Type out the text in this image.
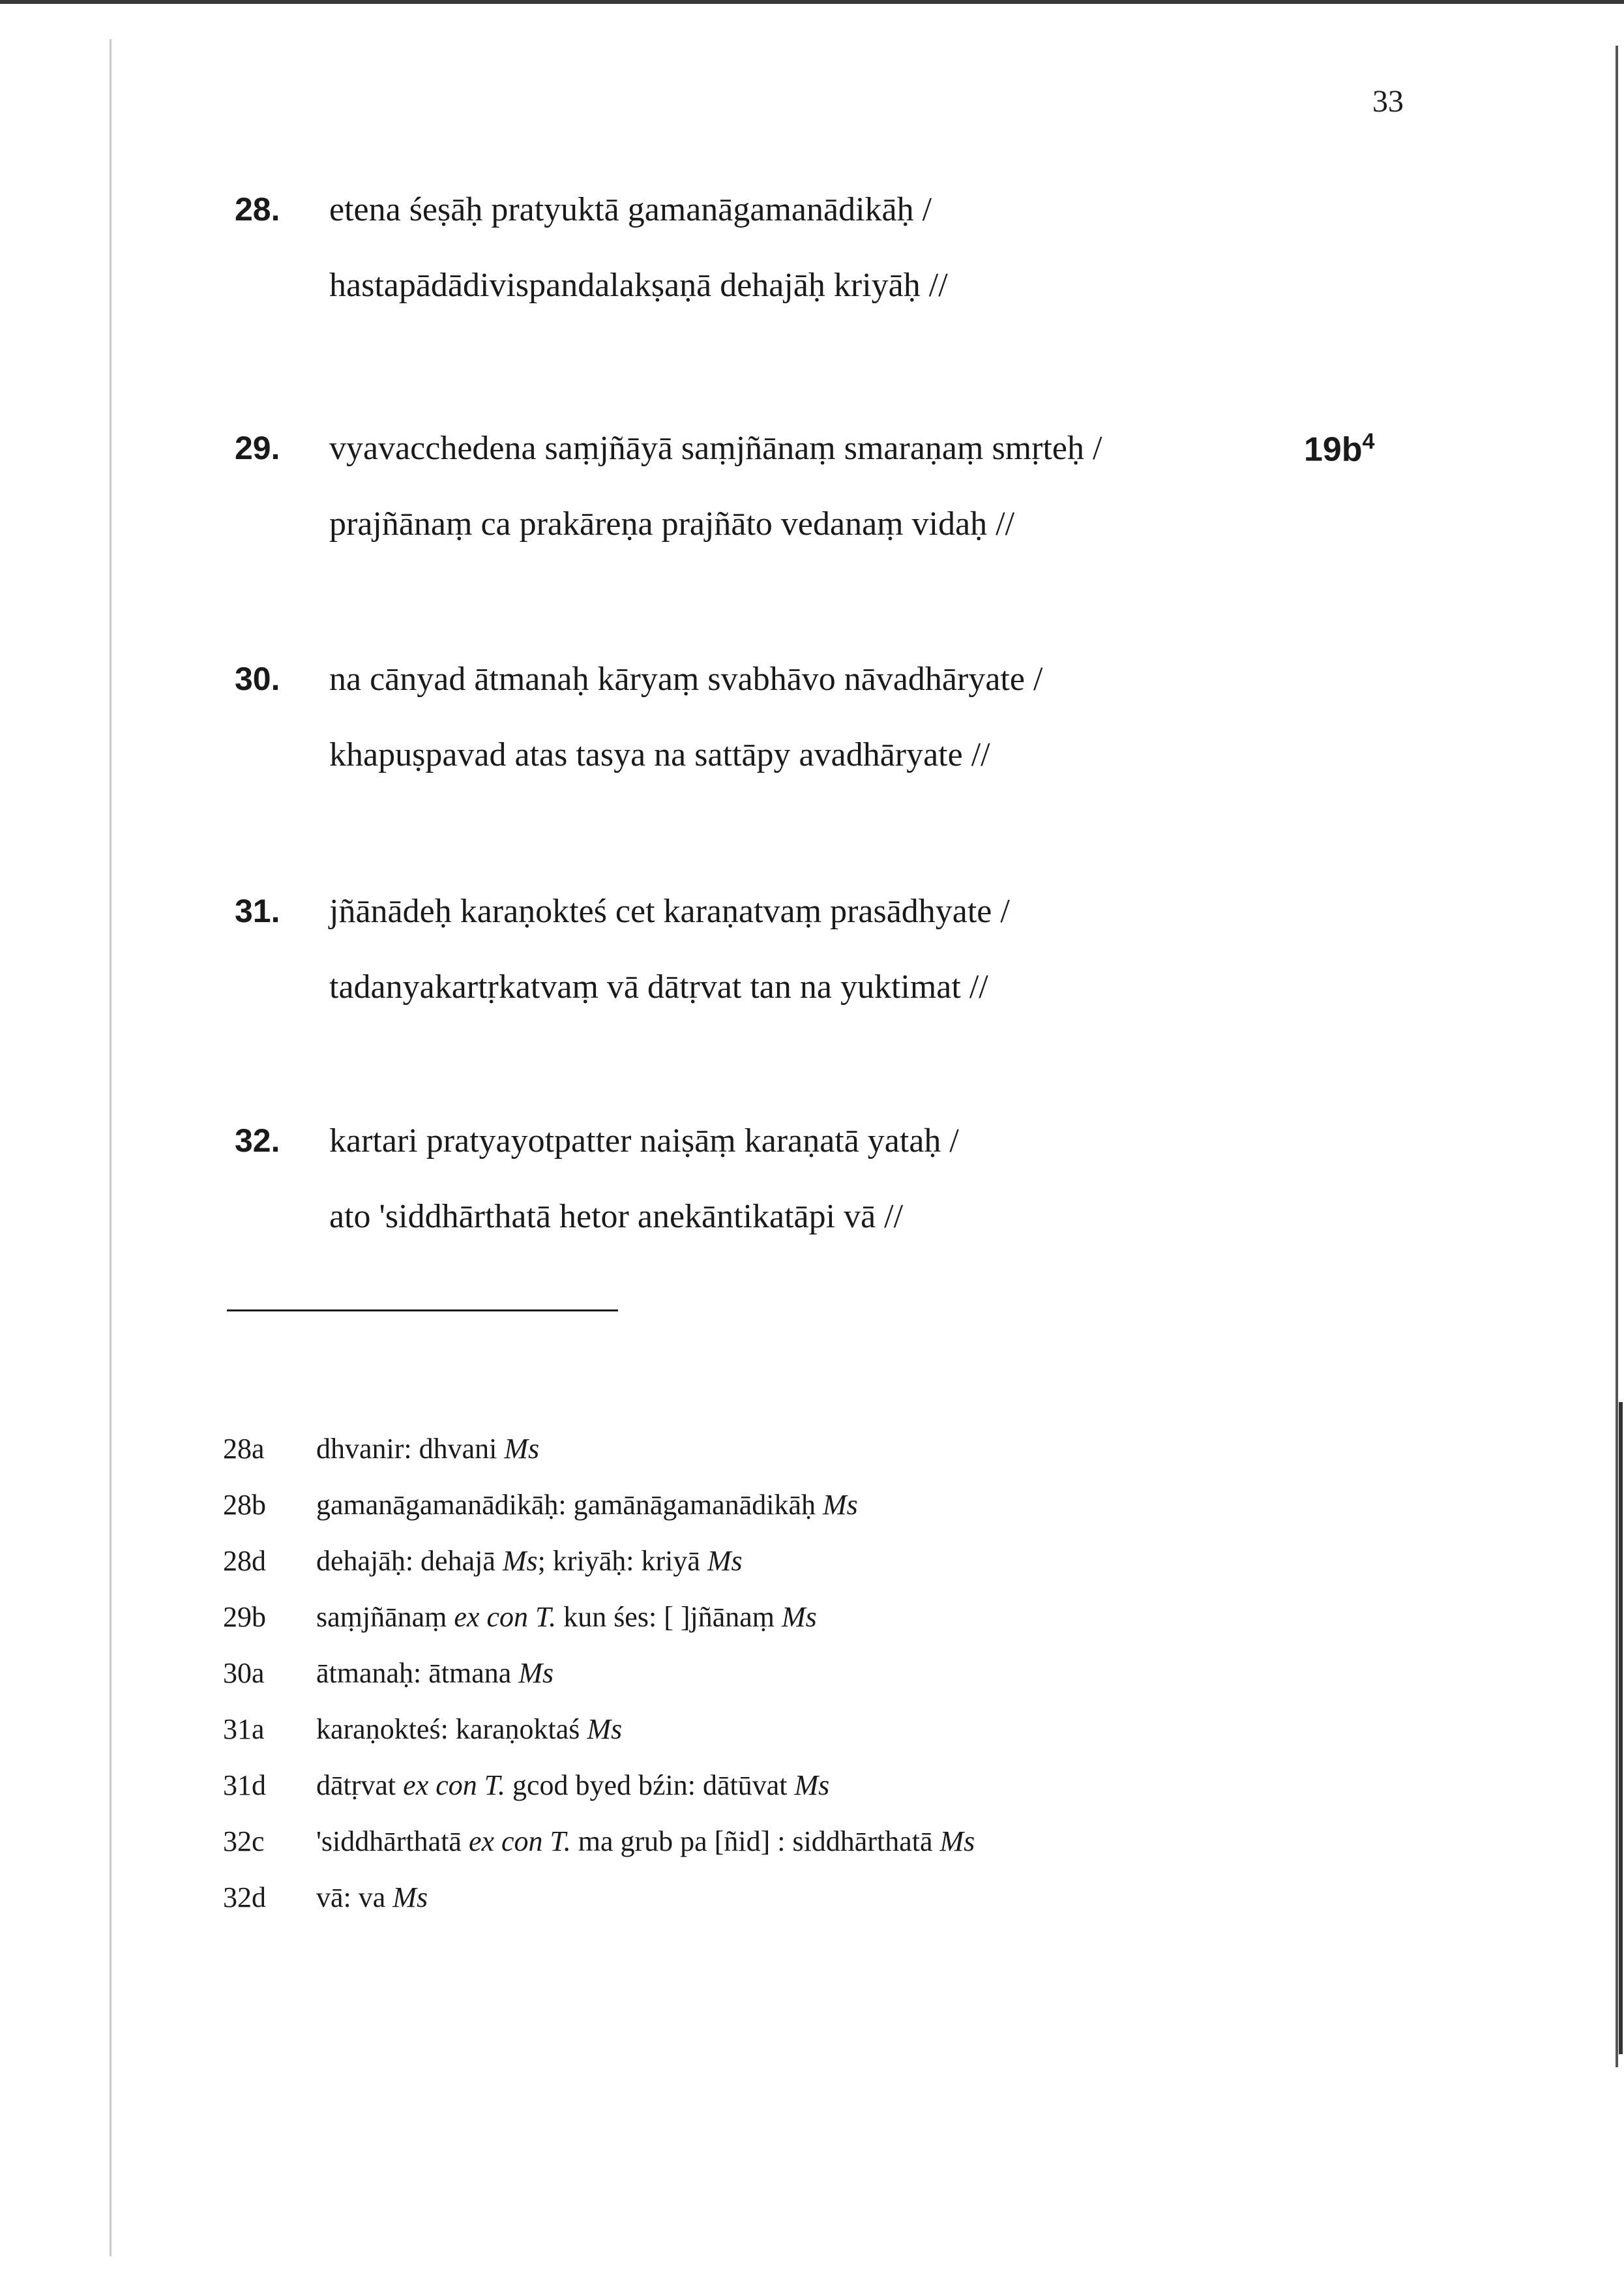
33
28. etena śeṣāḥ pratyuktā gamanāgamanādikāḥ /
hastapādādivispandalakṣaṇā dehajāḥ kriyāḥ //
29. vyavacchedena saṃjñāyā saṃjñānaṃ smaraṇaṃ smṛteḥ /
prajñānaṃ ca prakāreṇa prajñāto vedanaṃ vidaḥ //
$19b^4$
30. na cānyad ātmanaḥ kāryaṃ svabhāvo nāvadhāryate /
khapuṣpavad atas tasya na sattāpy avadhāryate //
31. jñānādeḥ karaṇokteś cet karaṇatvaṃ prasādhyate /
tadanyakartṛkatvaṃ vā dātṛvat tan na yuktimat //
32. kartari pratyayotpatter naiṣāṃ karaṇatā yataḥ /
ato 'siddhārthatā hetor anekāntikatāpi vā //
28a dhvanir: dhvani Ms
28b gamanāgamanādikāḥ: gamānāgamanādikāḥ Ms
28d dehajāḥ: dehajā Ms; kriyāḥ: kriyā Ms
29b saṃjñānaṃ ex con T. kun śes: [ ]jñānaṃ Ms
30a ātmanaḥ: ātmana Ms
31a karaṇokteś: karaṇoktaś Ms
31d dātṛvat ex con T. gcod byed bźin: dātūvat Ms
32c 'siddhārthatā ex con T. ma grub pa [ñid] : siddhārthatā Ms
32d vā: va Ms
